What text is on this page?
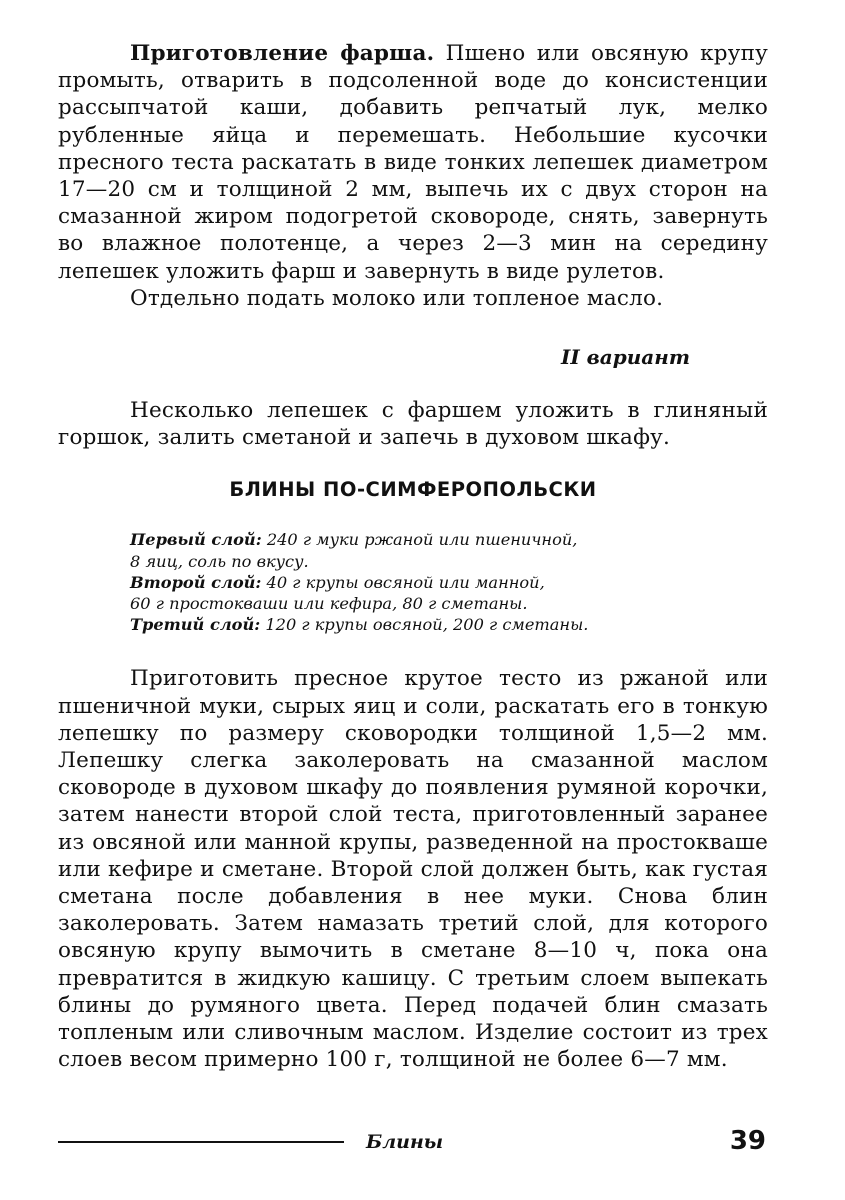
Приготовление фарша. Пшено или овсяную крупу промыть, отварить в подсоленной воде до консистенции рассыпчатой каши, добавить репчатый лук, мелко рубленные яйца и перемешать. Небольшие кусочки пресного теста раскатать в виде тонких лепешек диаметром 17—20 см и толщиной 2 мм, выпечь их с двух сторон на смазанной жиром подогретой сковороде, снять, завернуть во влажное полотенце, а через 2—3 мин на середину лепешек уложить фарш и завернуть в виде рулетов.

Отдельно подать молоко или топленое масло.

II вариант

Несколько лепешек с фаршем уложить в глиняный горшок, залить сметаной и запечь в духовом шкафу.

БЛИНЫ ПО-СИМФЕРОПОЛЬСКИ
Первый слой: 240 г муки ржаной или пшеничной,
8 яиц, соль по вкусу.
Второй слой: 40 г крупы овсяной или манной,
60 г простокваши или кефира, 80 г сметаны.
Третий слой: 120 г крупы овсяной, 200 г сметаны.

Приготовить пресное крутое тесто из ржаной или пшеничной муки, сырых яиц и соли, раскатать его в тонкую лепешку по размеру сковородки толщиной 1,5—2 мм. Лепешку слегка заколеровать на смазанной маслом сковороде в духовом шкафу до появления румяной корочки, затем нанести второй слой теста, приготовленный заранее из овсяной или манной крупы, разведенной на простокваше или кефире и сметане. Второй слой должен быть, как густая сметана после добавления в нее муки. Снова блин заколеровать. Затем намазать третий слой, для которого овсяную крупу вымочить в сметане 8—10 ч, пока она превратится в жидкую кашицу. С третьим слоем выпекать блины до румяного цвета. Перед подачей блин смазать топленым или сливочным маслом. Изделие состоит из трех слоев весом примерно 100 г, толщиной не более 6—7 мм.

Блины	39
